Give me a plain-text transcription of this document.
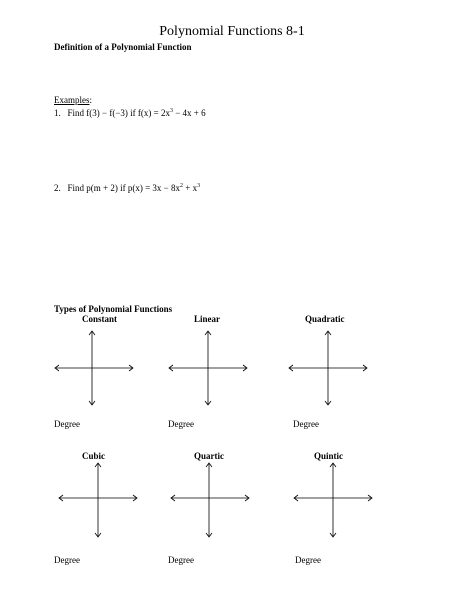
Polynomial Functions 8-1
Definition of a Polynomial Function
Examples:
1. Find f(3) − f(−3) if $f(x) = 2x^3 - 4x + 6$
2. Find p(m + 2) if $p(x) = 3x - 8x^2 + x^3$
Types of Polynomial Functions
Constant	Linear	Quadratic
Degree	Degree	Degree
Cubic	Quartic	Quintic
Degree	Degree	Degree
